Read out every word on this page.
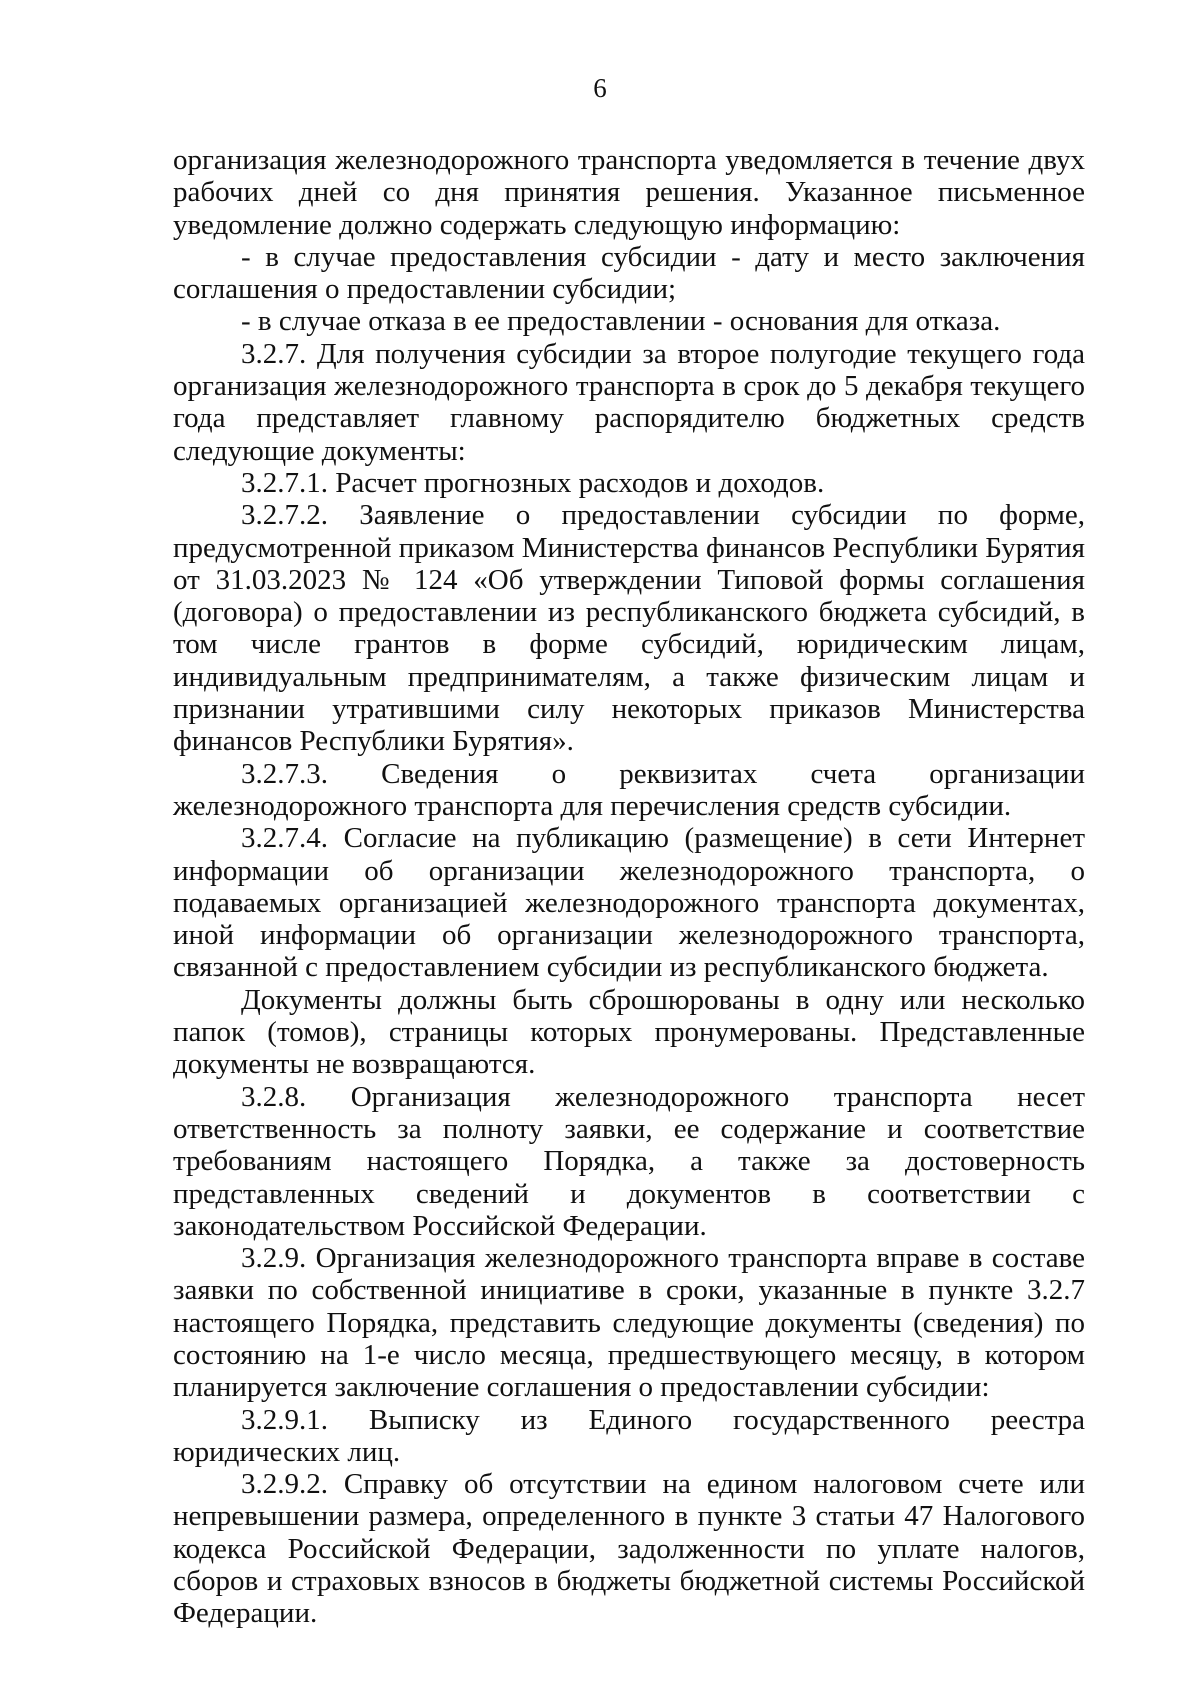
6

организация железнодорожного транспорта уведомляется в течение двух рабочих дней со дня принятия решения. Указанное письменное уведомление должно содержать следующую информацию:

- в случае предоставления субсидии - дату и место заключения соглашения о предоставлении субсидии;

- в случае отказа в ее предоставлении - основания для отказа.

3.2.7. Для получения субсидии за второе полугодие текущего года организация железнодорожного транспорта в срок до 5 декабря текущего года представляет главному распорядителю бюджетных средств следующие документы:

3.2.7.1. Расчет прогнозных расходов и доходов.

3.2.7.2. Заявление о предоставлении субсидии по форме, предусмотренной приказом Министерства финансов Республики Бурятия от 31.03.2023 № 124 «Об утверждении Типовой формы соглашения (договора) о предоставлении из республиканского бюджета субсидий, в том числе грантов в форме субсидий, юридическим лицам, индивидуальным предпринимателям, а также физическим лицам и признании утратившими силу некоторых приказов Министерства финансов Республики Бурятия».

3.2.7.3. Сведения о реквизитах счета организации железнодорожного транспорта для перечисления средств субсидии.

3.2.7.4. Согласие на публикацию (размещение) в сети Интернет информации об организации железнодорожного транспорта, о подаваемых организацией железнодорожного транспорта документах, иной информации об организации железнодорожного транспорта, связанной с предоставлением субсидии из республиканского бюджета.

Документы должны быть сброшюрованы в одну или несколько папок (томов), страницы которых пронумерованы. Представленные документы не возвращаются.

3.2.8. Организация железнодорожного транспорта несет ответственность за полноту заявки, ее содержание и соответствие требованиям настоящего Порядка, а также за достоверность представленных сведений и документов в соответствии с законодательством Российской Федерации.

3.2.9. Организация железнодорожного транспорта вправе в составе заявки по собственной инициативе в сроки, указанные в пункте 3.2.7 настоящего Порядка, представить следующие документы (сведения) по состоянию на 1-е число месяца, предшествующего месяцу, в котором планируется заключение соглашения о предоставлении субсидии:

3.2.9.1. Выписку из Единого государственного реестра юридических лиц.

3.2.9.2. Справку об отсутствии на едином налоговом счете или непревышении размера, определенного в пункте 3 статьи 47 Налогового кодекса Российской Федерации, задолженности по уплате налогов, сборов и страховых взносов в бюджеты бюджетной системы Российской Федерации.
